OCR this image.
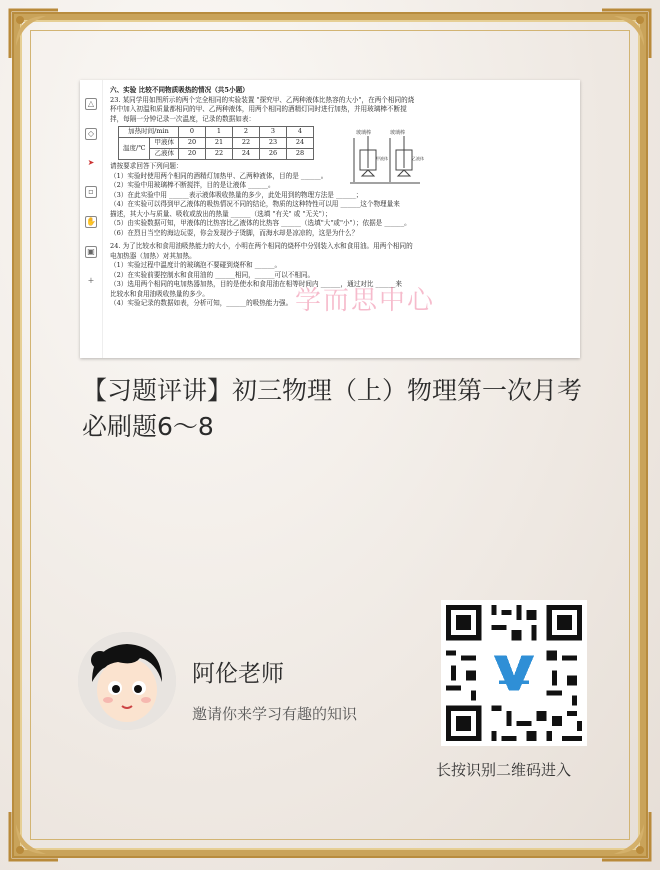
△
◇
➤
▫
✋
▣
+

六、实验 比较不同物质吸热的情况（共5小题）

23. 某同学用如图所示的两个完全相同的实验装置 "探究甲、乙两种液体比热容的大小"，在两个相同的烧

杯中加入初温和质量都相同的甲、乙两种液体，用两个相同的酒精灯同时进行加热，并用玻璃棒不断搅

拌，每隔一分钟记录一次温度，记录的数据如表：

加热时间/min		0	1	2	3	4
温度/℃	甲液体	20	21	22	23	24
	乙液体	20	22	24	26	28

请按要求回答下列问题：

（1）实验时使用两个相同的酒精灯加热甲、乙两种液体，目的是 ______。

（2）实验中用玻璃棒不断搅拌，目的是让液体 ______。

（3）在此实验中用 ______表示液体吸收热量的多少，此处用到的物理方法是 ______；

（4）在实验可以得到甲乙液体的吸热情况不同的结论，物质的这种特性可以用 ______这个物理量来

描述，其大小与质量、吸收或放出的热量 ______（选填 "有关" 或 "无关"）；

（5）由实验数据可知，甲液体的比热容比乙液体的比热容 ______（选填"大"或"小"）；依据是 ______。

（6）在烈日当空的海边玩耍，你会发现沙子烫脚，而海水却是凉凉的，这是为什么？

24. 为了比较水和食用油吸热能力的大小，小明在两个相同的烧杯中分别装入水和食用油。用两个相同的

电加热器（加热）对其加热。

（1）实验过程中温度计的玻璃泡不要碰到烧杯和 ______。

（2）在实验前要控制水和食用油的 ______相同，______可以不相同。

（3）选用两个相同的电加热器加热，目的是使水和食用油在相等时间内 ______，通过对比 ______来

比较水和食用油吸收热量的多少。

（4）实验记录的数据如表，分析可知，______的吸热能力强。

玻璃棒	玻璃棒
甲液体	乙液体
学而思中心
【习题评讲】初三物理（上）物理第一次月考必刷题6～8
阿伦老师
邀请你来学习有趣的知识
长按识别二维码进入
